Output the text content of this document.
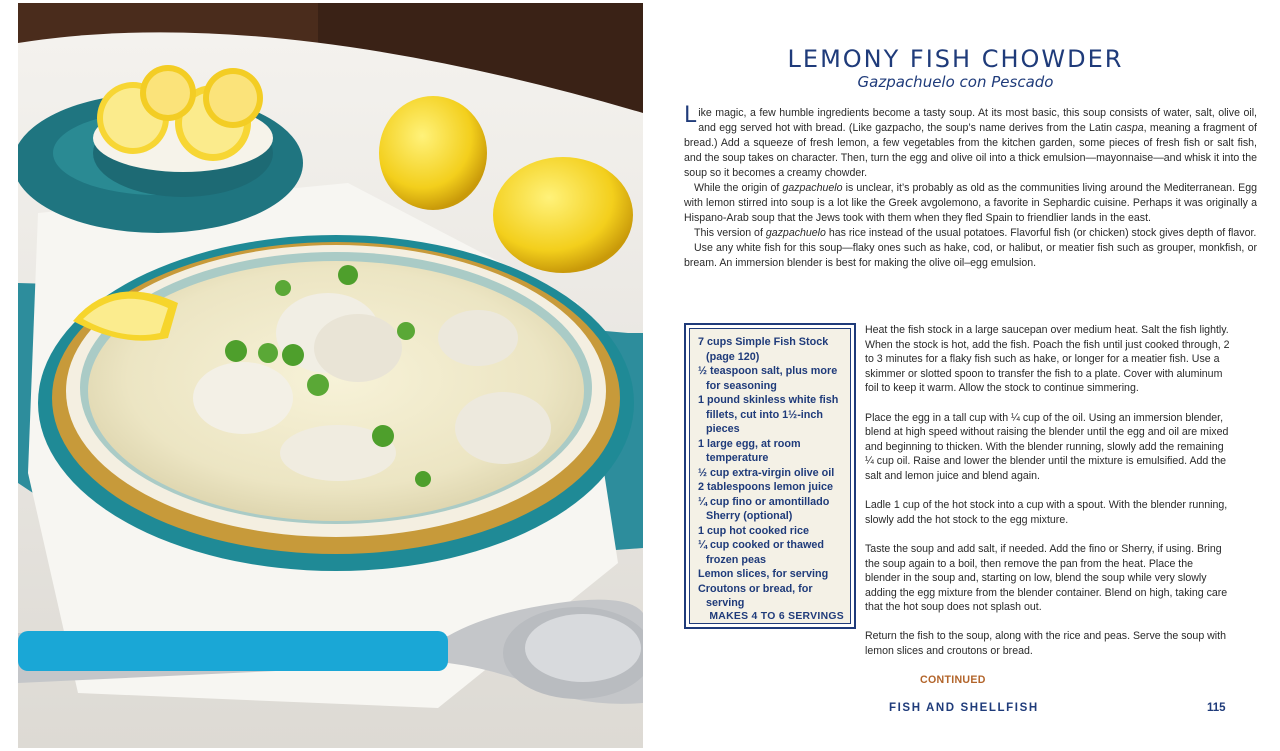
LEMONY FISH CHOWDER
Gazpachuelo con Pescado

Like magic, a few humble ingredients become a tasty soup. At its most basic, this soup consists of water, salt, olive oil, and egg served hot with bread. (Like gazpacho, the soup’s name derives from the Latin caspa, meaning a fragment of bread.) Add a squeeze of fresh lemon, a few vegetables from the kitchen garden, some pieces of fresh fish or salt fish, and the soup takes on character. Then, turn the egg and olive oil into a thick emulsion—mayonnaise—and whisk it into the soup so it becomes a creamy chowder.

While the origin of gazpachuelo is unclear, it’s probably as old as the communities living around the Mediterranean. Egg with lemon stirred into soup is a lot like the Greek avgolemono, a favorite in Sephardic cuisine. Perhaps it was originally a Hispano-Arab soup that the Jews took with them when they fled Spain to friendlier lands in the east.

This version of gazpachuelo has rice instead of the usual potatoes. Flavorful fish (or chicken) stock gives depth of flavor.

Use any white fish for this soup—flaky ones such as hake, cod, or halibut, or meatier fish such as grouper, monkfish, or bream. An immersion blender is best for making the olive oil–egg emulsion.

7 cups Simple Fish Stock (page 120)
½ teaspoon salt, plus more for seasoning
1 pound skinless white fish fillets, cut into 1½-inch pieces
1 large egg, at room temperature
½ cup extra-virgin olive oil
2 tablespoons lemon juice
¼ cup fino or amontillado Sherry (optional)
1 cup hot cooked rice
¼ cup cooked or thawed frozen peas
Lemon slices, for serving
Croutons or bread, for serving
MAKES 4 TO 6 SERVINGS

Heat the fish stock in a large saucepan over medium heat. Salt the fish lightly. When the stock is hot, add the fish. Poach the fish until just cooked through, 2 to 3 minutes for a flaky fish such as hake, or longer for a meatier fish. Use a skimmer or slotted spoon to transfer the fish to a plate. Cover with aluminum foil to keep it warm. Allow the stock to continue simmering.

Place the egg in a tall cup with ¼ cup of the oil. Using an immersion blender, blend at high speed without raising the blender until the egg and oil are mixed and beginning to thicken. With the blender running, slowly add the remaining ¼ cup oil. Raise and lower the blender until the mixture is emulsified. Add the salt and lemon juice and blend again.

Ladle 1 cup of the hot stock into a cup with a spout. With the blender running, slowly add the hot stock to the egg mixture.

Taste the soup and add salt, if needed. Add the fino or Sherry, if using. Bring the soup again to a boil, then remove the pan from the heat. Place the blender in the soup and, starting on low, blend the soup while very slowly adding the egg mixture from the blender container. Blend on high, taking care that the hot soup does not splash out.

Return the fish to the soup, along with the rice and peas. Serve the soup with lemon slices and croutons or bread.

CONTINUED
FISH AND SHELLFISH	115
